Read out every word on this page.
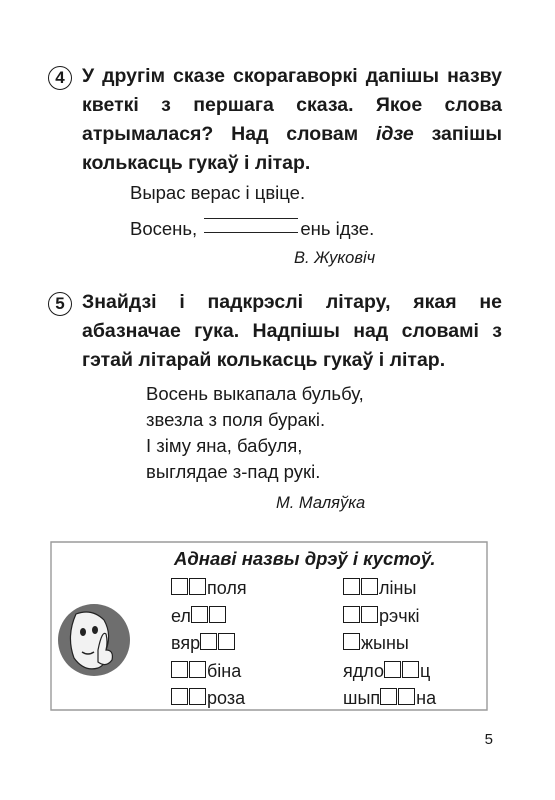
4 У другім сказе скорагаворкі дапішы назву кветкі з першага сказа. Якое слова атрымалася? Над словам ідзе запішы колькасць гукаў і літар.

Вырас верас і цвіце.
Восень,	ень ідзе.
В. Жуковіч
5 Знайдзі і падкрэслі літару, якая не абазначае гука. Надпішы над словамі з гэтай літарай колькасць гукаў і літар.

Восень выкапала бульбу,
звезла з поля буракі.
І зіму яна, бабуля,
выглядае з-пад рукі.
М. Маляўка
Аднаві назвы дрэў і кустоў.
поля
ел
вяр
біна
роза
ліны
рэчкі
жыны
ядло ц
шып на
5
